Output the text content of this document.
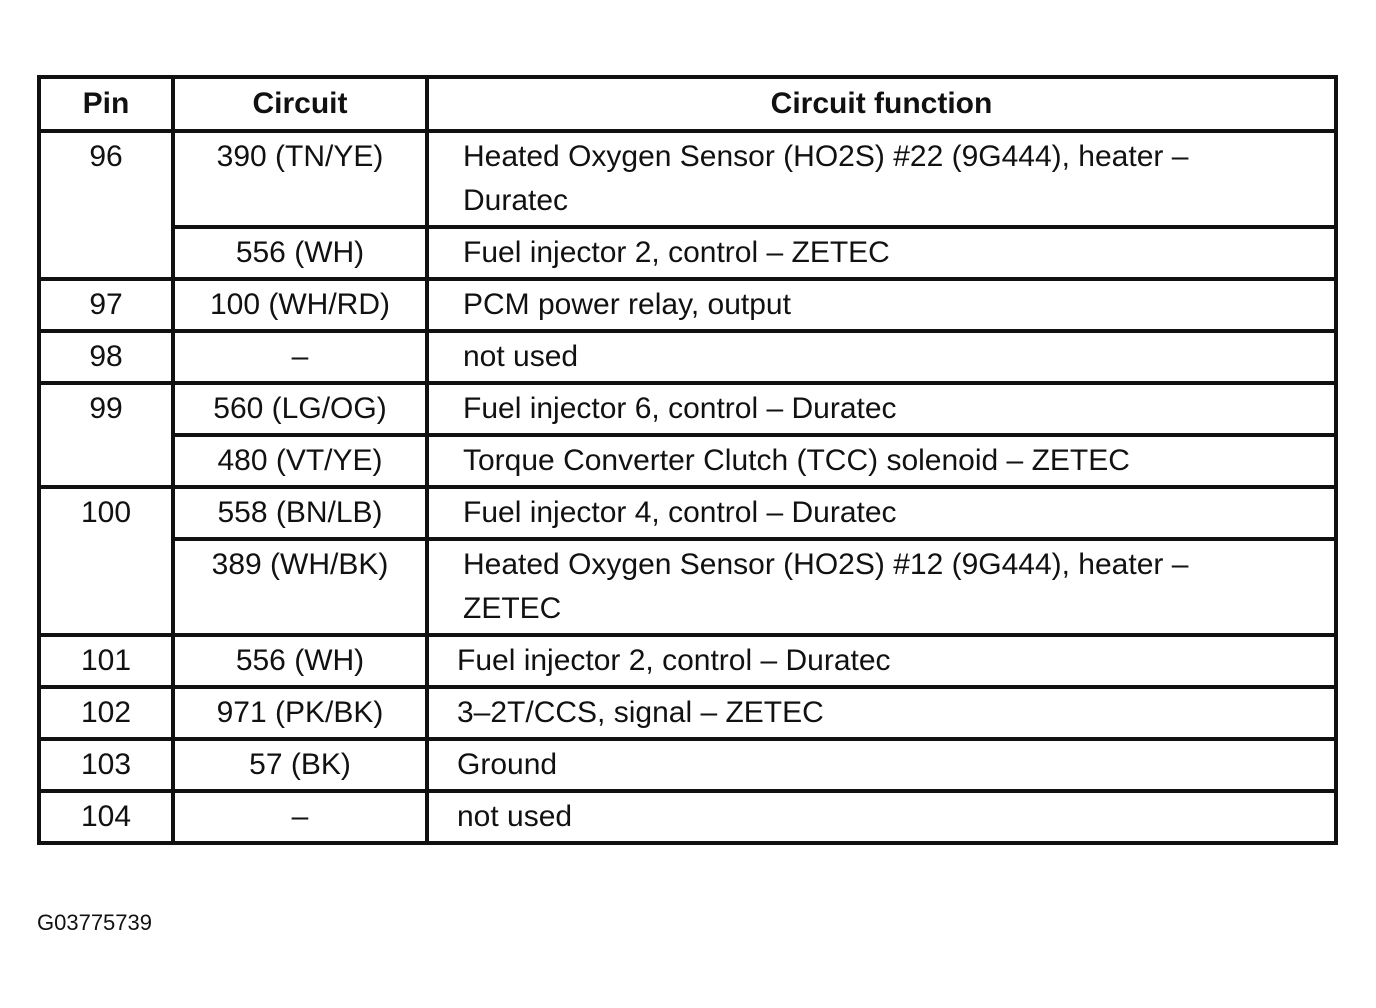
Pin	Circuit	Circuit function
96	390 (TN/YE)	Heated Oxygen Sensor (HO2S) #22 (9G444), heater – Duratec
	556 (WH)	Fuel injector 2, control – ZETEC
97	100 (WH/RD)	PCM power relay, output
98	–	not used
99	560 (LG/OG)	Fuel injector 6, control – Duratec
	480 (VT/YE)	Torque Converter Clutch (TCC) solenoid – ZETEC
100	558 (BN/LB)	Fuel injector 4, control – Duratec
	389 (WH/BK)	Heated Oxygen Sensor (HO2S) #12 (9G444), heater – ZETEC
101	556 (WH)	Fuel injector 2, control – Duratec
102	971 (PK/BK)	3–2T/CCS, signal – ZETEC
103	57 (BK)	Ground
104	–	not used
G03775739
